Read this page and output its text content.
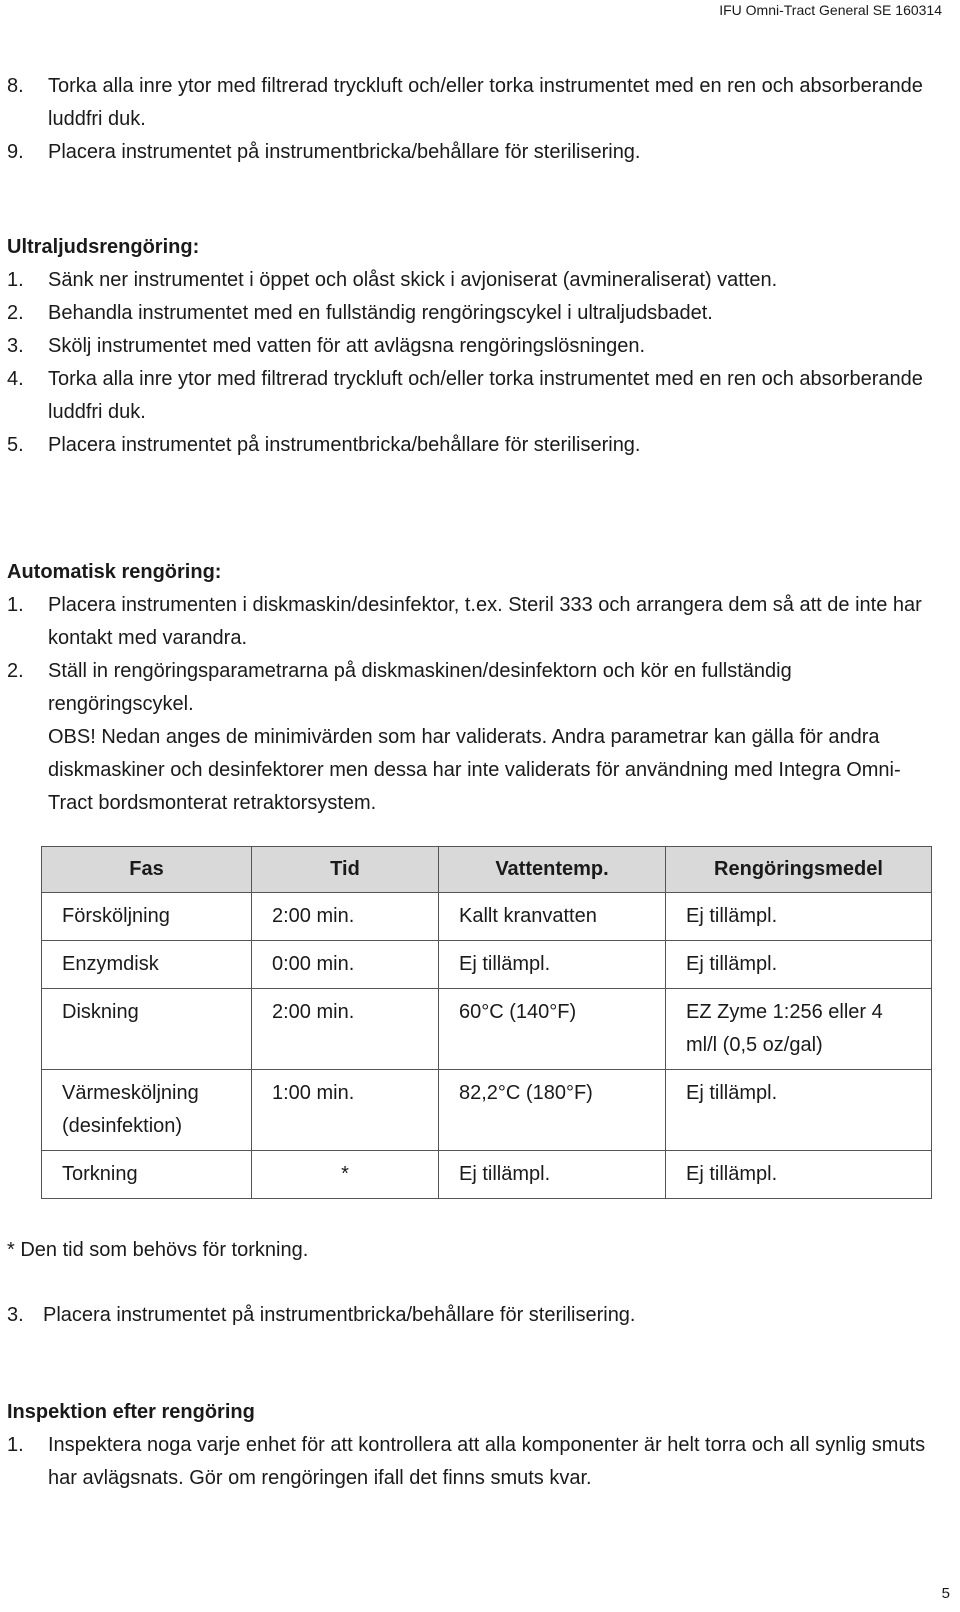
IFU Omni-Tract General SE 160314
8.	Torka alla inre ytor med filtrerad tryckluft och/eller torka instrumentet med en ren och absorberande luddfri duk.
9.	Placera instrumentet på instrumentbricka/behållare för sterilisering.
Ultraljudsrengöring:
1.	Sänk ner instrumentet i öppet och olåst skick i avjoniserat (avmineraliserat) vatten.
2.	Behandla instrumentet med en fullständig rengöringscykel i ultraljudsbadet.
3.	Skölj instrumentet med vatten för att avlägsna rengöringslösningen.
4.	Torka alla inre ytor med filtrerad tryckluft och/eller torka instrumentet med en ren och absorberande luddfri duk.
5.	Placera instrumentet på instrumentbricka/behållare för sterilisering.
Automatisk rengöring:
1.	Placera instrumenten i diskmaskin/desinfektor, t.ex. Steril 333 och arrangera dem så att de inte har kontakt med varandra.
2.	Ställ in rengöringsparametrarna på diskmaskinen/desinfektorn och kör en fullständig rengöringscykel.
OBS! Nedan anges de minimivärden som har validerats. Andra parametrar kan gälla för andra diskmaskiner och desinfektorer men dessa har inte validerats för användning med Integra Omni-Tract bordsmonterat retraktorsystem.
Fas	Tid	Vattentemp.	Rengöringsmedel
Försköljning	2:00 min.	Kallt kranvatten	Ej tillämpl.
Enzymdisk	0:00 min.	Ej tillämpl.	Ej tillämpl.
Diskning	2:00 min.	60°C (140°F)	EZ Zyme 1:256 eller 4 ml/l (0,5 oz/gal)
Värmesköljning (desinfektion)	1:00 min.	82,2°C (180°F)	Ej tillämpl.
Torkning	*	Ej tillämpl.	Ej tillämpl.
* Den tid som behövs för torkning.
3. Placera instrumentet på instrumentbricka/behållare för sterilisering.
Inspektion efter rengöring
1.	Inspektera noga varje enhet för att kontrollera att alla komponenter är helt torra och all synlig smuts har avlägsnats. Gör om rengöringen ifall det finns smuts kvar.
5
